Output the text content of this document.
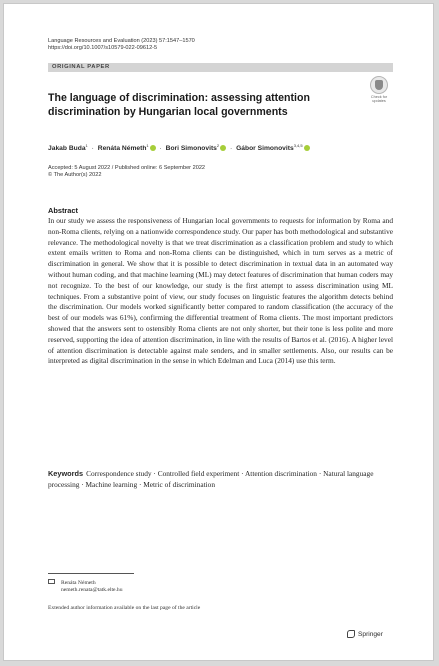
Language Resources and Evaluation (2023) 57:1547–1570
https://doi.org/10.1007/s10579-022-09612-5
ORIGINAL PAPER
Check for
updates
The language of discrimination: assessing attention discrimination by Hungarian local governments
Jakab Buda$^1$ · Renáta Németh$^1$ · Bori Simonovits$^2$ · Gábor Simonovits$^{3,4,5}$
Accepted: 5 August 2022 / Published online: 6 September 2022
© The Author(s) 2022
Abstract

In our study we assess the responsiveness of Hungarian local governments to requests for information by Roma and non-Roma clients, relying on a nationwide correspondence study. Our paper has both methodological and substantive relevance. The methodological novelty is that we treat discrimination as a classification problem and study to which extent emails written to Roma and non-Roma clients can be distinguished, which in turn serves as a metric of discrimination in general. We show that it is possible to detect discrimination in textual data in an automated way without human coding, and that machine learning (ML) may detect features of discrimination that human coders may not recognize. To the best of our knowledge, our study is the first attempt to assess discrimination using ML techniques. From a substantive point of view, our study focuses on linguistic features the algorithm detects behind the discrimination. Our models worked significantly better compared to random classification (the accuracy of the best of our models was 61%), confirming the differential treatment of Roma clients. The most important predictors showed that the answers sent to ostensibly Roma clients are not only shorter, but their tone is less polite and more reserved, supporting the idea of attention discrimination, in line with the results of Bartos et al. (2016). A higher level of attention discrimination is detectable against male senders, and in smaller settlements. Also, our results can be interpreted as digital discrimination in the sense in which Edelman and Luca (2014) use this term.

Keywords Correspondence study · Controlled field experiment · Attention discrimination · Natural language processing · Machine learning · Metric of discrimination

Renáta Németh
nemeth.renata@tatk.elte.hu
Extended author information available on the last page of the article
Springer
